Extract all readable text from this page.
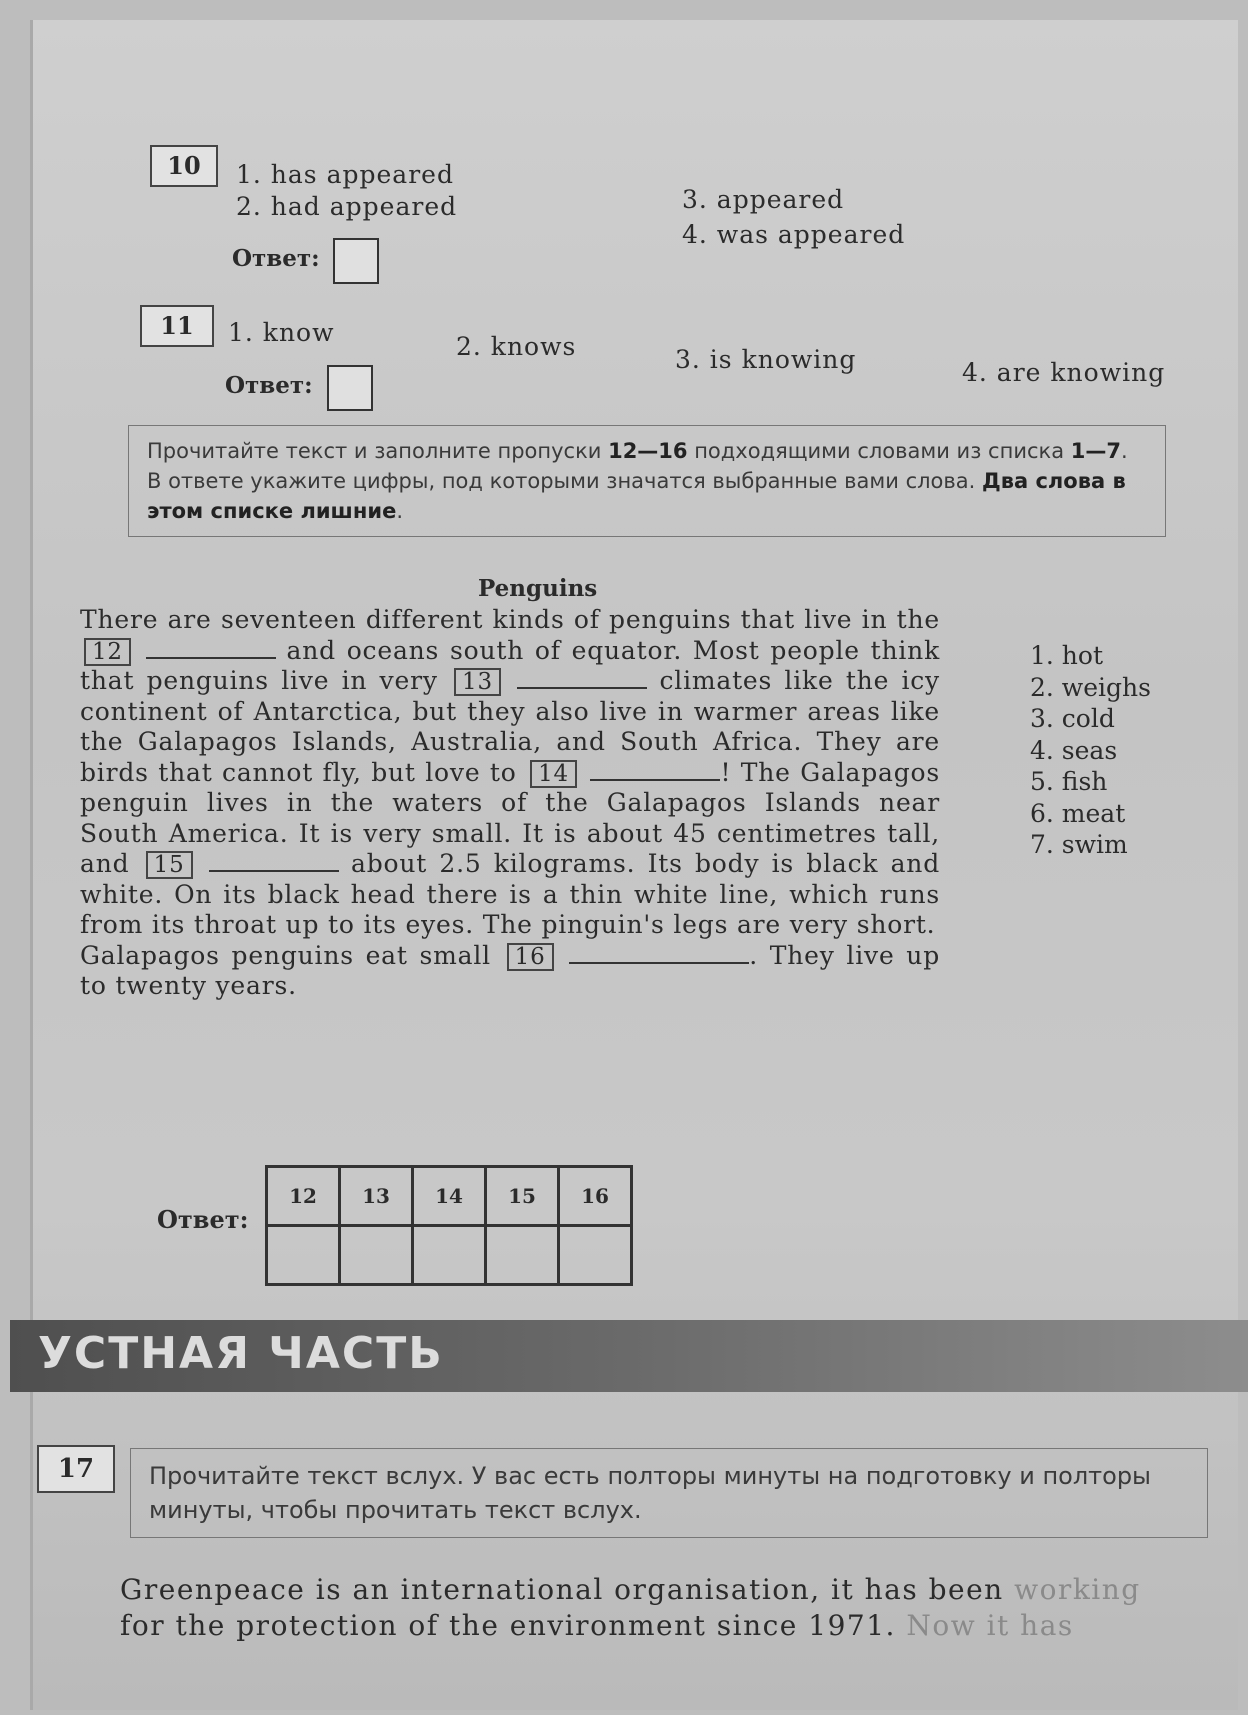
10	1. has appeared
2. had appeared	3. appeared
4. was appeared
Ответ:
11	1. know	2. knows	3. is knowing	4. are knowing
Ответ:
Прочитайте текст и заполните пропуски 12—16 подходящими словами из списка 1—7. В ответе укажите цифры, под которыми значатся выбранные вами слова. Два слова в этом списке лишние.
Penguins
There are seventeen different kinds of penguins that live in the 12	and oceans south of equator. Most people think that penguins live in very 13	climates like the icy continent of Antarctica, but they also live in warmer areas like the Galapagos Islands, Australia, and South Africa. They are birds that cannot fly, but love to 14	! The Galapagos penguin lives in the waters of the Galapagos Islands near South America. It is very small. It is about 45 centimetres tall, and 15	about 2.5 kilograms. Its body is black and white. On its black head there is a thin white line, which runs from its throat up to its eyes. The pinguin's legs are very short.
Galapagos penguins eat small 16	. They live up to twenty years.
1. hot
2. weighs
3. cold
4. seas
5. fish
6. meat
7. swim
Ответ:
12	13	14	15	16

УСТНАЯ ЧАСТЬ
17	Прочитайте текст вслух. У вас есть полторы минуты на подготовку и полторы минуты, чтобы прочитать текст вслух.
Greenpeace is an international organisation, it has been working
for the protection of the environment since 1971. Now it has
